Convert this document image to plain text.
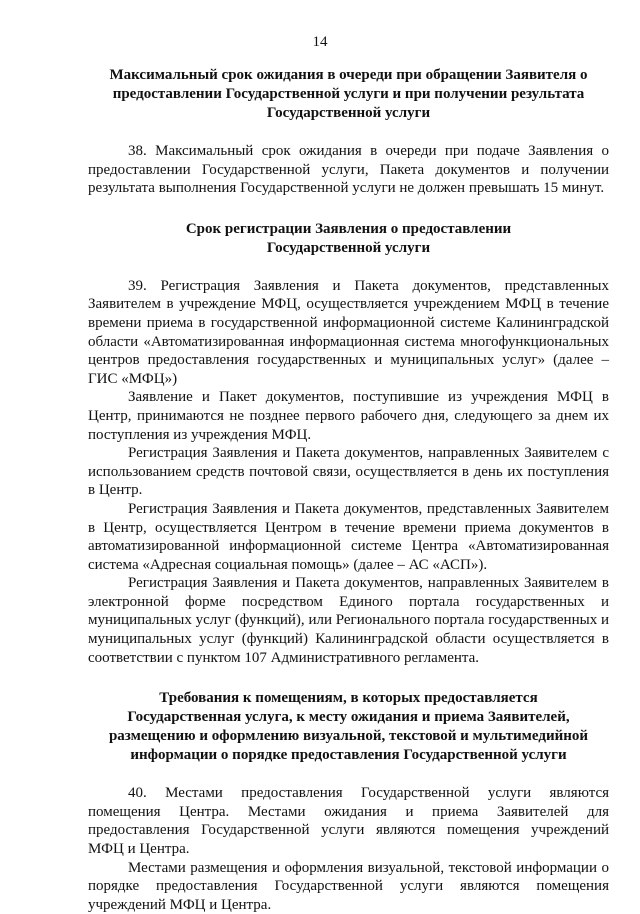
14
Максимальный срок ожидания в очереди при обращении Заявителя о
предоставлении Государственной услуги и при получении результата
Государственной услуги

38. Максимальный срок ожидания в очереди при подаче Заявления о предоставлении Государственной услуги, Пакета документов и получении результата выполнения Государственной услуги не должен превышать 15 минут.

Срок регистрации Заявления о предоставлении
Государственной услуги

39. Регистрация Заявления и Пакета документов, представленных Заявителем в учреждение МФЦ, осуществляется учреждением МФЦ в течение времени приема в государственной информационной системе Калининградской области «Автоматизированная информационная система многофункциональных центров предоставления государственных и муниципальных услуг» (далее – ГИС «МФЦ»)

Заявление и Пакет документов, поступившие из учреждения МФЦ в Центр, принимаются не позднее первого рабочего дня, следующего за днем их поступления из учреждения МФЦ.

Регистрация Заявления и Пакета документов, направленных Заявителем с использованием средств почтовой связи, осуществляется в день их поступления в Центр.

Регистрация Заявления и Пакета документов, представленных Заявителем в Центр, осуществляется Центром в течение времени приема документов в автоматизированной информационной системе Центра «Автоматизированная система «Адресная социальная помощь» (далее – АС «АСП»).

Регистрация Заявления и Пакета документов, направленных Заявителем в электронной форме посредством Единого портала государственных и муниципальных услуг (функций), или Регионального портала государственных и муниципальных услуг (функций) Калининградской области осуществляется в соответствии с пунктом 107 Административного регламента.

Требования к помещениям, в которых предоставляется
Государственная услуга, к месту ожидания и приема Заявителей,
размещению и оформлению визуальной, текстовой и мультимедийной
информации о порядке предоставления Государственной услуги

40. Местами предоставления Государственной услуги являются помещения Центра. Местами ожидания и приема Заявителей для предоставления Государственной услуги являются помещения учреждений МФЦ и Центра.

Местами размещения и оформления визуальной, текстовой информации о порядке предоставления Государственной услуги являются помещения учреждений МФЦ и Центра.
